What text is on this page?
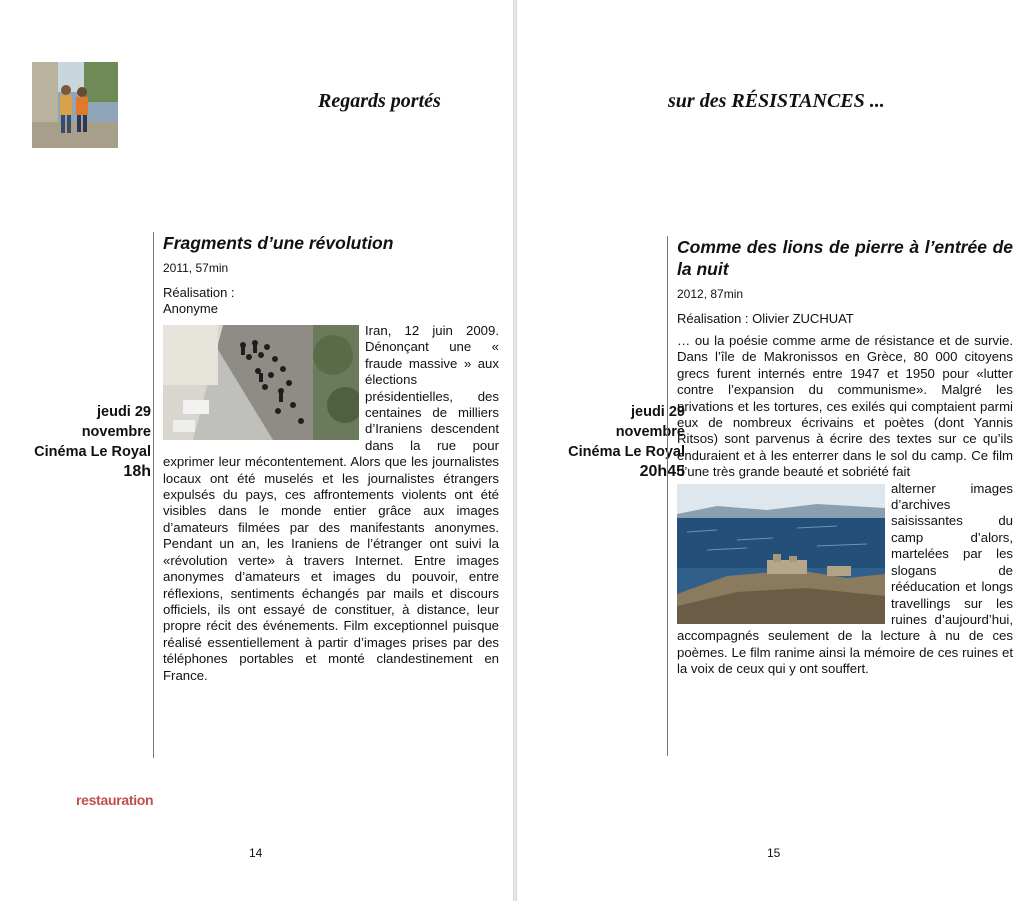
Regards portés
jeudi 29
novembre
Cinéma Le Royal
18h
Fragments d’une révolution

2011, 57min

Réalisation :
Anonyme

Iran, 12 juin 2009. Dénonçant une « fraude massive » aux élections présidentielles, des centaines de milliers d’Iraniens descendent dans la rue pour exprimer leur mécontentement. Alors que les journalistes locaux ont été muselés et les journalistes étrangers expulsés du pays, ces affrontements violents ont été visibles dans le monde entier grâce aux images d’amateurs filmées par des manifestants anonymes. Pendant un an, les Iraniens de l’étranger ont suivi la «révolution verte» à travers Internet. Entre images anonymes d’amateurs et images du pouvoir, entre réflexions, sentiments échangés par mails et discours officiels, ils ont essayé de constituer, à distance, leur propre récit des événements. Film exceptionnel puisque réalisé essentiellement à partir d’images prises par des téléphones portables et monté clandestinement en France.

restauration
14
sur des RÉSISTANCES ...
jeudi 29
novembre
Cinéma Le Royal
20h45
Comme des lions de pierre à l’entrée de la nuit

2012, 87min

Réalisation : Olivier ZUCHUAT

… ou la poésie comme arme de résistance et de survie. Dans l’île de Makronissos en Grèce, 80 000 citoyens grecs furent internés entre 1947 et 1950 pour «lutter contre l’expansion du communisme». Malgré les privations et les tortures, ces exilés qui comptaient parmi eux de nombreux écrivains et poètes (dont Yannis Ritsos) sont parvenus à écrire des textes sur ce qu’ils enduraient et à les enterrer dans le sol du camp. Ce film d’une très grande beauté et sobriété fait

alterner images d’archives saisissantes du camp d’alors, martelées par les slogans de rééducation et longs travellings sur les ruines d’aujourd’hui, accompagnés seulement de la lecture à nu de ces poèmes. Le film ranime ainsi la mémoire de ces ruines et la voix de ceux qui y ont souffert.

15
